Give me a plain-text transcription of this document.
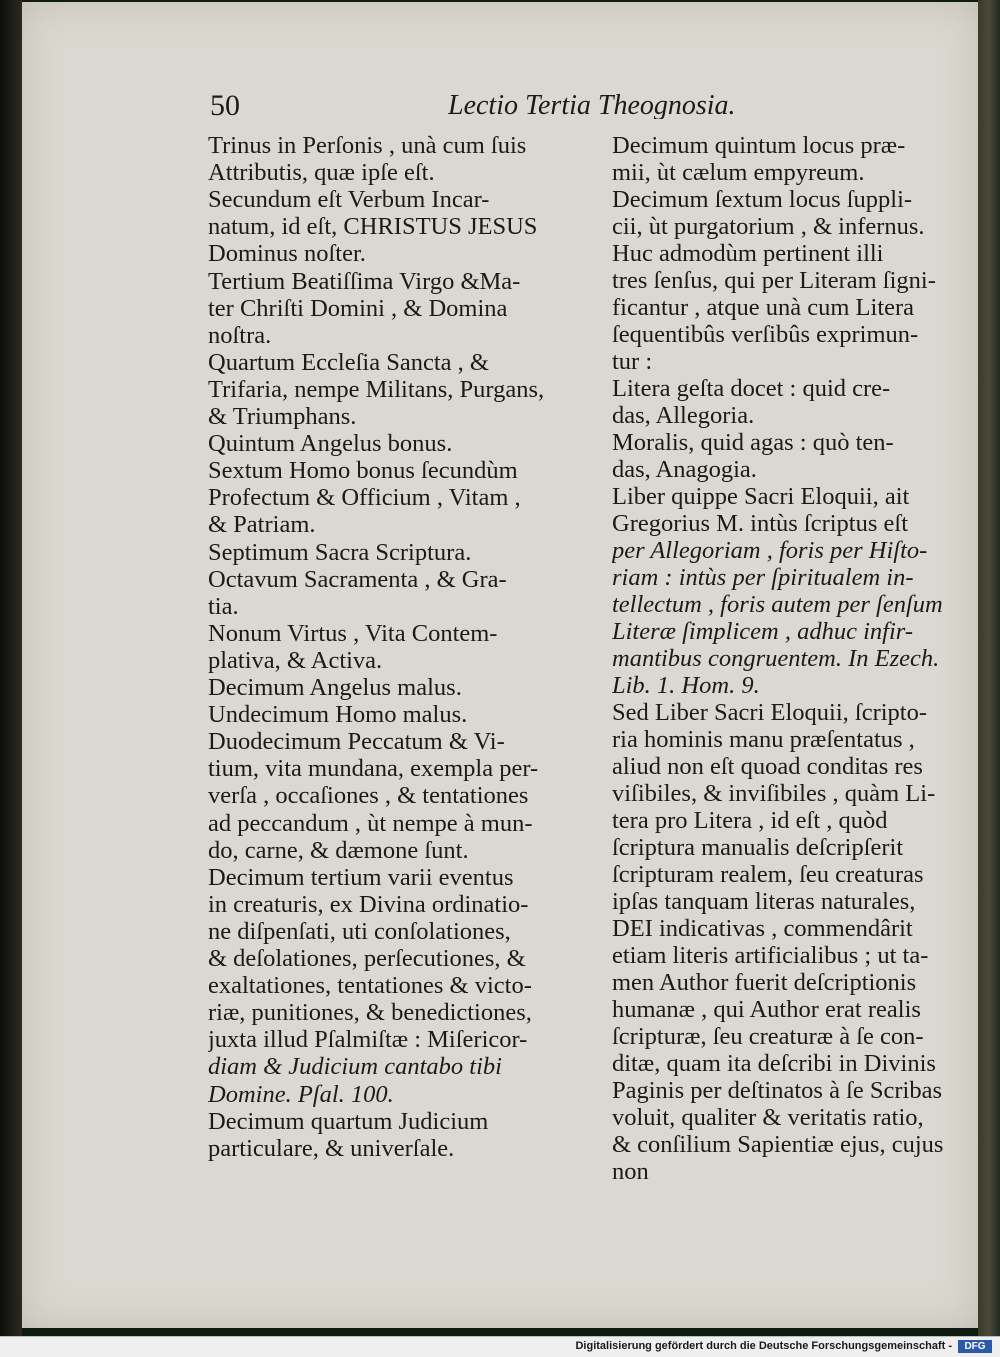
50	Lectio Tertia Theognosia.
Trinus in Perſonis , unà cum ſuis
Attributis, quæ ipſe eſt.
Secundum eſt Verbum Incar-
natum, id eſt, CHRISTUS JESUS
Dominus noſter.
Tertium Beatiſſima Virgo &Ma-
ter Chriſti Domini , & Domina
noſtra.
Quartum Eccleſia Sancta , &
Trifaria, nempe Militans, Purgans,
& Triumphans.
Quintum Angelus bonus.
Sextum Homo bonus ſecundùm
Profectum & Officium , Vitam ,
& Patriam.
Septimum Sacra Scriptura.
Octavum Sacramenta , & Gra-
tia.
Nonum Virtus , Vita Contem-
plativa, & Activa.
Decimum Angelus malus.
Undecimum Homo malus.
Duodecimum Peccatum & Vi-
tium, vita mundana, exempla per-
verſa , occaſiones , & tentationes
ad peccandum , ùt nempe à mun-
do, carne, & dæmone ſunt.
Decimum tertium varii eventus
in creaturis, ex Divina ordinatio-
ne diſpenſati, uti conſolationes,
& deſolationes, perſecutiones, &
exaltationes, tentationes & victo-
riæ, punitiones, & benedictiones,
juxta illud Pſalmiſtæ : Miſericor-
diam & Judicium cantabo tibi
Domine. Pſal. 100.
Decimum quartum Judicium
particulare, & univerſale.
Decimum quintum locus præ-
mii, ùt cælum empyreum.
Decimum ſextum locus ſuppli-
cii, ùt purgatorium , & infernus.
Huc admodùm pertinent illi
tres ſenſus, qui per Literam ſigni-
ficantur , atque unà cum Litera
ſequentibûs verſibûs exprimun-
tur :
Litera geſta docet : quid cre-
das, Allegoria.
Moralis, quid agas : quò ten-
das, Anagogia.
Liber quippe Sacri Eloquii, ait
Gregorius M. intùs ſcriptus eſt
per Allegoriam , foris per Hiſto-
riam : intùs per ſpiritualem in-
tellectum , foris autem per ſenſum
Literæ ſimplicem , adhuc infir-
mantibus congruentem. In Ezech.
Lib. 1. Hom. 9.
Sed Liber Sacri Eloquii, ſcripto-
ria hominis manu præſentatus ,
aliud non eſt quoad conditas res
viſibiles, & inviſibiles , quàm Li-
tera pro Litera , id eſt , quòd
ſcriptura manualis deſcripſerit
ſcripturam realem, ſeu creaturas
ipſas tanquam literas naturales,
DEI indicativas , commendârit
etiam literis artificialibus ; ut ta-
men Author fuerit deſcriptionis
humanæ , qui Author erat realis
ſcripturæ, ſeu creaturæ à ſe con-
ditæ, quam ita deſcribi in Divinis
Paginis per deſtinatos à ſe Scribas
voluit, qualiter & veritatis ratio,
& conſilium Sapientiæ ejus, cujus
non
Digitalisierung gefördert durch die Deutsche Forschungsgemeinschaft -	DFG
